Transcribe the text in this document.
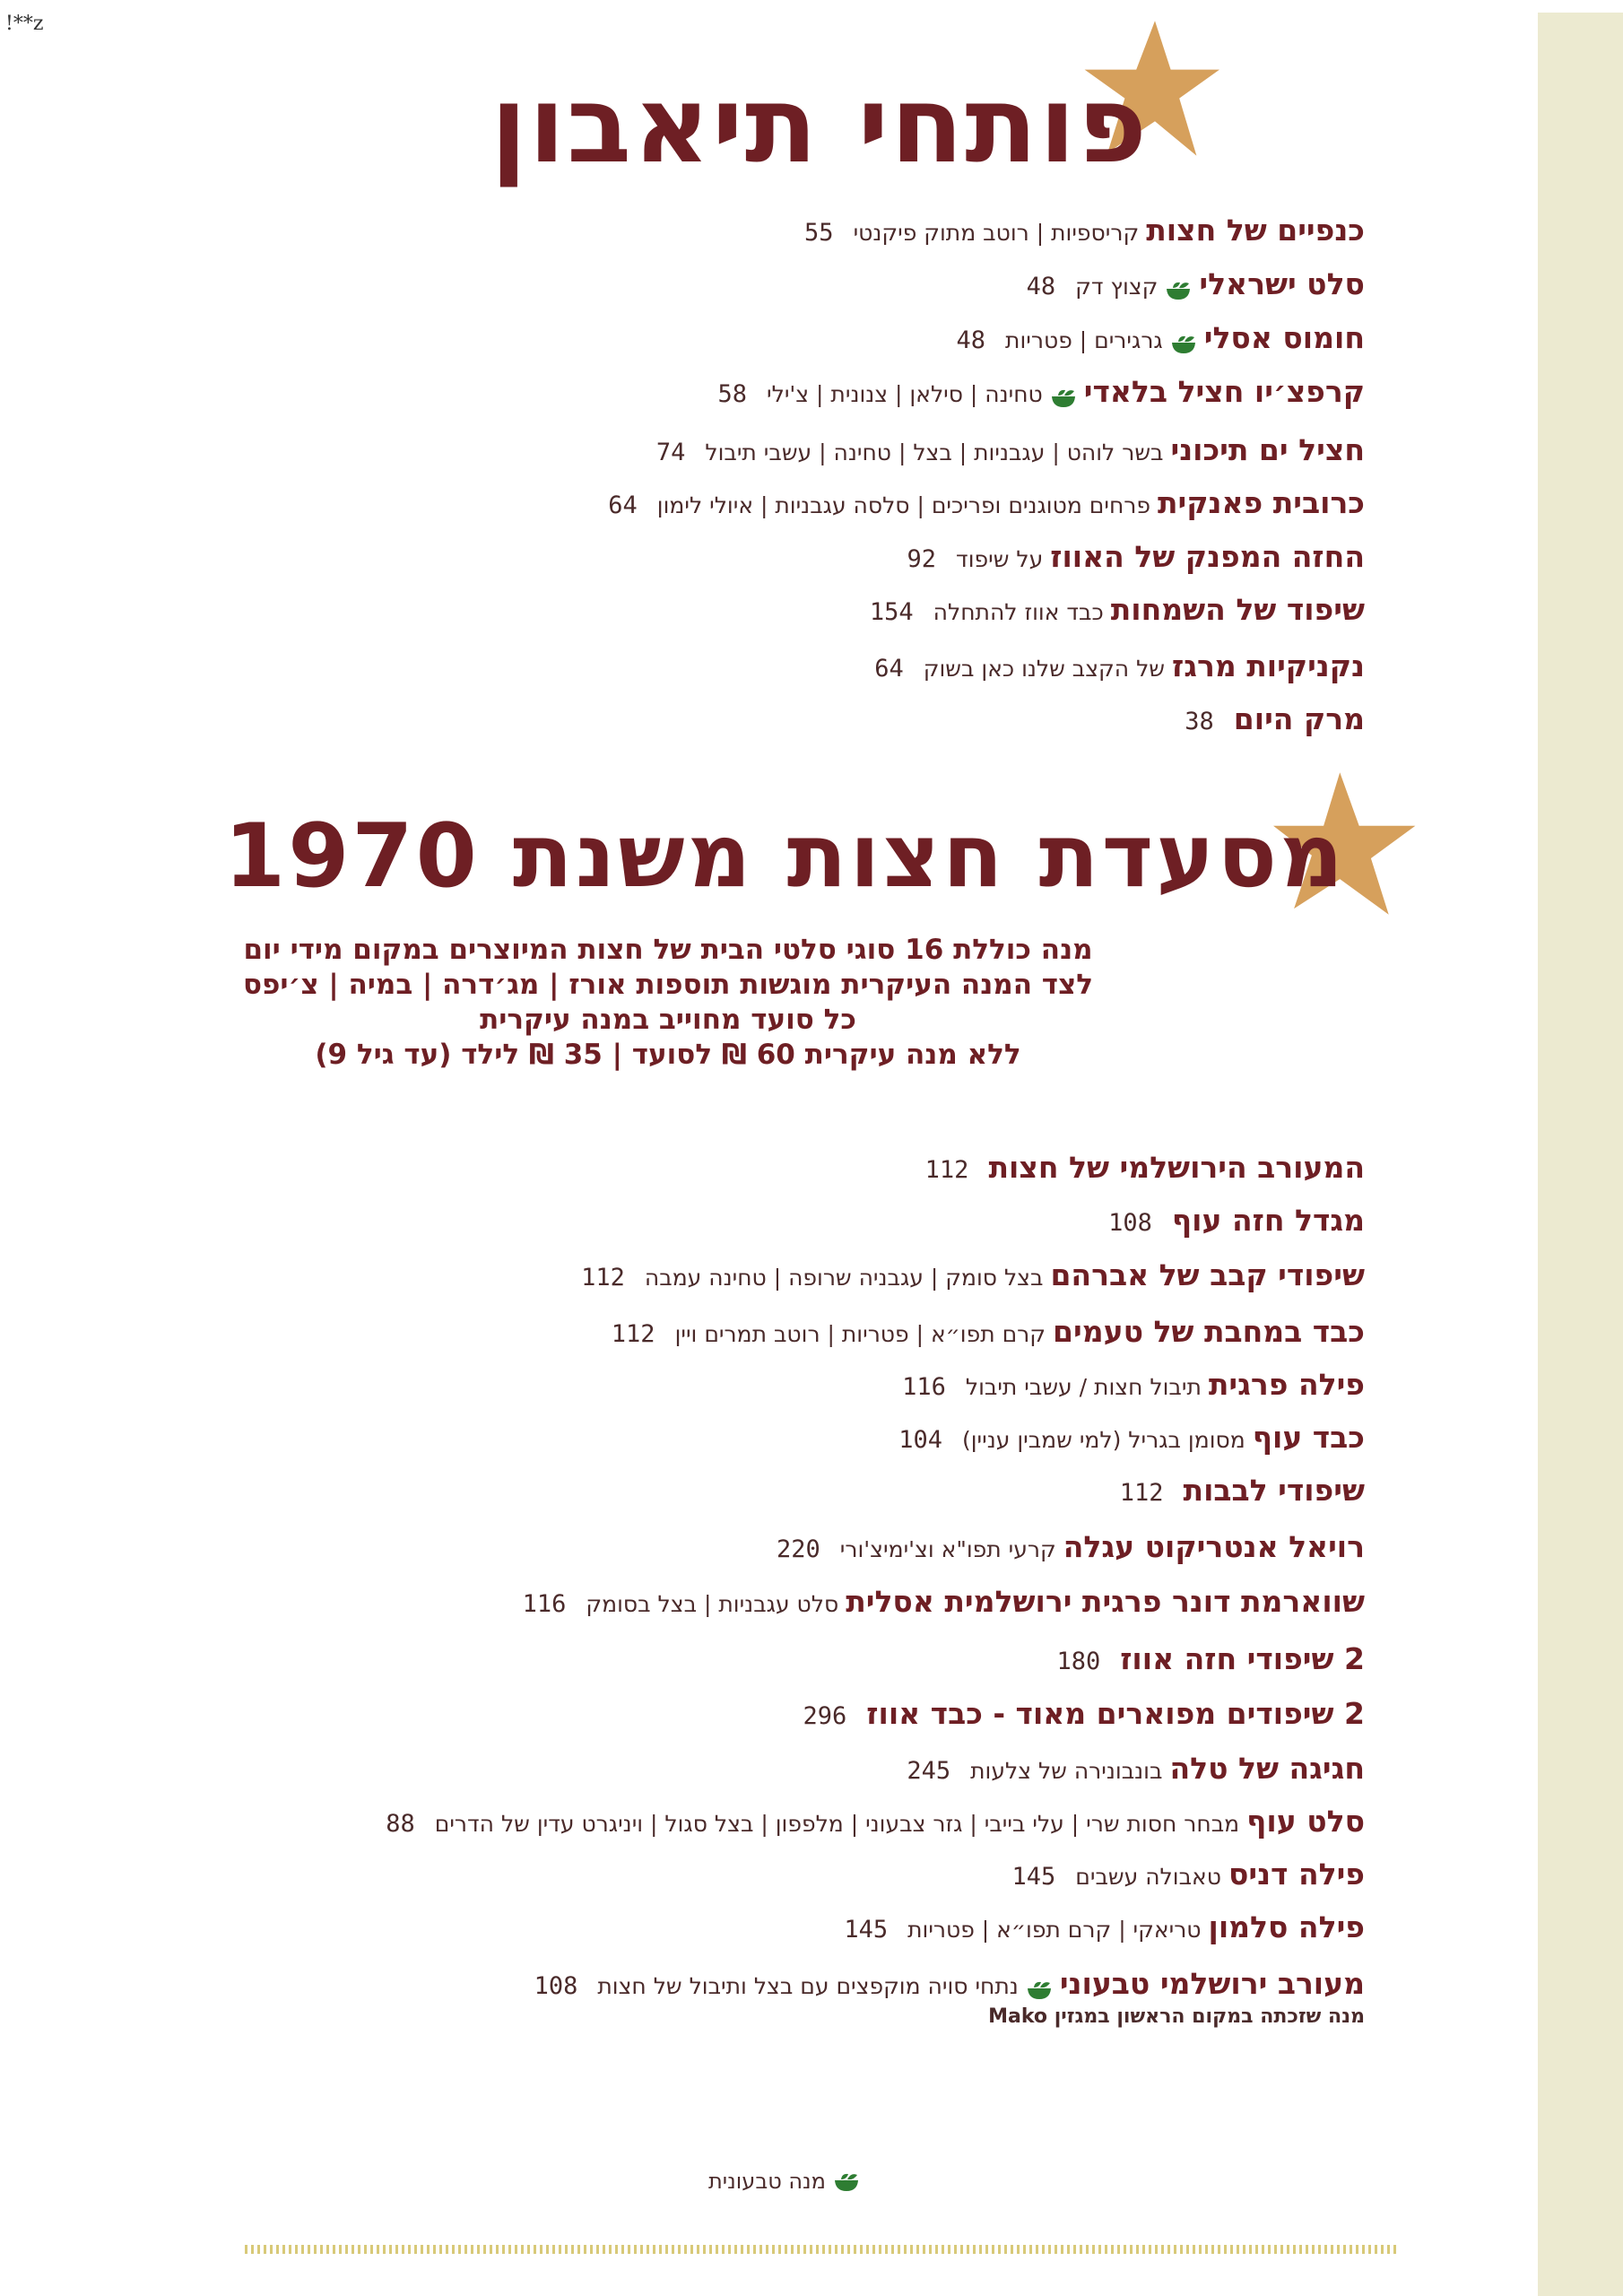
!**z
פותחי תיאבון
כנפיים של חצותקריספיות | רוטב מתוק פיקנטי55
סלט ישראלי
קצוץ דק48
חומוס אסלי
גרגירים | פטריות48
קרפצ׳יו חציל בלאדי
טחינה | סילאן | צנונית | צ'ילי58
חציל ים תיכוניבשר לוהט | עגבניות | בצל | טחינה | עשבי תיבול74
כרובית פאנקיתפרחים מטוגנים ופריכים | סלסה עגבניות | איולי לימון64
החזה המפנק של האווזעל שיפוד92
שיפוד של השמחותכבד אווז להתחלה154
נקניקיות מרגזשל הקצב שלנו כאן בשוק64
מרק היום38
מסעדת חצות משנת 1970
מנה כוללת 16 סוגי סלטי הבית של חצות המיוצרים במקום מידי יום
לצד המנה העיקרית מוגשות תוספות אורז | מג׳דרה | במיה | צ׳יפס
כל סועד מחוייב במנה עיקרית
ללא מנה עיקרית 60 ₪ לסועד | 35 ₪ לילד (עד גיל 9)
המעורב הירושלמי של חצות112
מגדל חזה עוף108
שיפודי קבב של אברהםבצל סומק | עגבניה שרופה | טחינה עמבה112
כבד במחבת של טעמיםקרם תפו״א | פטריות | רוטב תמרים ויין112
פילה פרגיתתיבול חצות / עשבי תיבול116
כבד עוףמסומן בגריל (למי שמבין עניין)104
שיפודי לבבות112
רויאל אנטריקוט עגלהקרעי תפו"א וצ'ימיצ'ורי220
שווארמת דונר פרגית ירושלמית אסליתסלט עגבניות | בצל בסומק116
2 שיפודי חזה אווז180
2 שיפודים מפוארים מאוד - כבד אווז296
חגיגה של טלהבונבונירה של צלעות245
סלט עוףמבחר חסות שרי | עלי בייבי | גזר צבעוני | מלפפון | בצל סגול | ויניגרט עדין של הדרים88
פילה דניסטאבולה עשבים145
פילה סלמוןטריאקי | קרם תפו״א | פטריות145
מעורב ירושלמי טבעוני
נתחי סויה מוקפצים עם בצל ותיבול של חצות108
מנה שזכתה במקום הראשון במגזין Mako
מנה טבעונית
